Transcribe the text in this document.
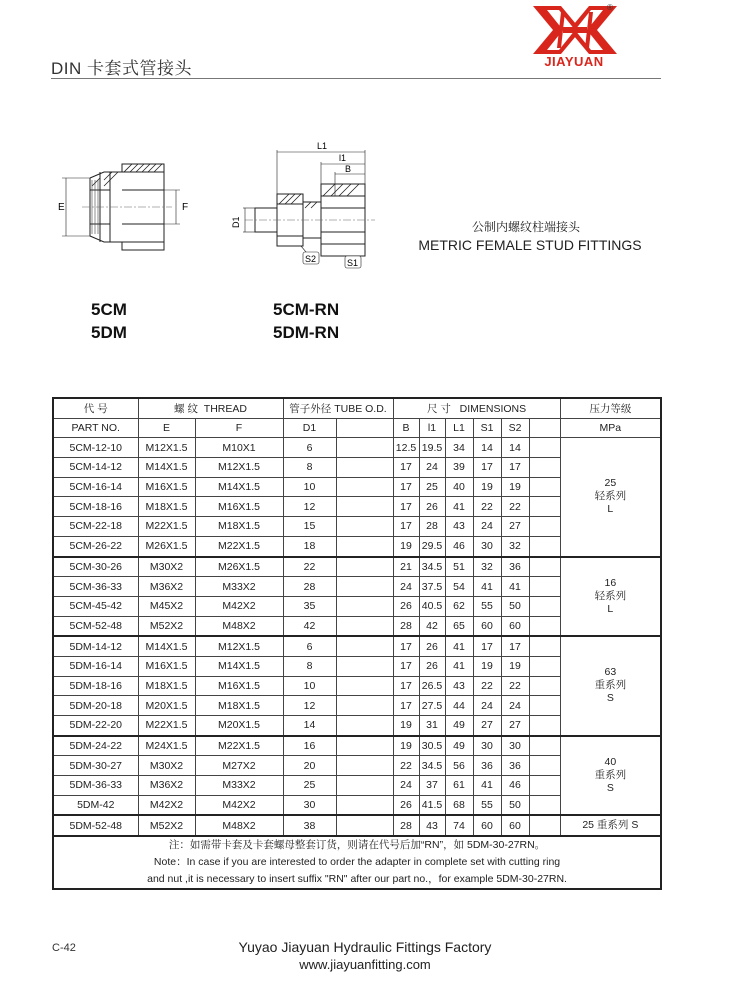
DIN 卡套式管接头
®
JIAYUAN
E	F
L1
l1
B
D1
S2	S1
公制内螺纹柱端接头
METRIC FEMALE STUD FITTINGS
5CM
5DM
5CM-RN
5DM-RN
代 号	螺 纹 THREAD		管子外径 TUBE O.D.		尺 寸 DIMENSIONS						压力等级
PART NO.	E	F	D1		B	l1	L1	S1	S2		MPa
5CM-12-10	M12X1.5	M10X1	6		12.5	19.5	34	14	14		25
轻系列
L

5CM-14-12	M14X1.5	M12X1.5	8		17	24	39	17	17		
5CM-16-14	M16X1.5	M14X1.5	10		17	25	40	19	19		
5CM-18-16	M18X1.5	M16X1.5	12		17	26	41	22	22		
5CM-22-18	M22X1.5	M18X1.5	15		17	28	43	24	27		
5CM-26-22	M26X1.5	M22X1.5	18		19	29.5	46	30	32		
5CM-30-26	M30X2	M26X1.5	22		21	34.5	51	32	36		16
轻系列
L

5CM-36-33	M36X2	M33X2	28		24	37.5	54	41	41		
5CM-45-42	M45X2	M42X2	35		26	40.5	62	55	50		
5CM-52-48	M52X2	M48X2	42		28	42	65	60	60		
5DM-14-12	M14X1.5	M12X1.5	6		17	26	41	17	17		63
重系列
S

5DM-16-14	M16X1.5	M14X1.5	8		17	26	41	19	19		
5DM-18-16	M18X1.5	M16X1.5	10		17	26.5	43	22	22		
5DM-20-18	M20X1.5	M18X1.5	12		17	27.5	44	24	24		
5DM-22-20	M22X1.5	M20X1.5	14		19	31	49	27	27		
5DM-24-22	M24X1.5	M22X1.5	16		19	30.5	49	30	30		40
重系列
S

5DM-30-27	M30X2	M27X2	20		22	34.5	56	36	36		
5DM-36-33	M36X2	M33X2	25		24	37	61	41	46		
5DM-42	M42X2	M42X2	30		26	41.5	68	55	50		
5DM-52-48	M52X2	M48X2	38		28	43	74	60	60		25 重系列 S

注：如需带卡套及卡套螺母整套订货，则请在代号后加“RN”，如 5DM-30-27RN。
Note：In case if you are interested to order the adapter in complete set with cutting ring
and nut ,it is necessary to insert suffix "RN" after our part no.，for example 5DM-30-27RN.											
C-42	Yuyao Jiayuan Hydraulic Fittings Factory
www.jiayuanfitting.com
